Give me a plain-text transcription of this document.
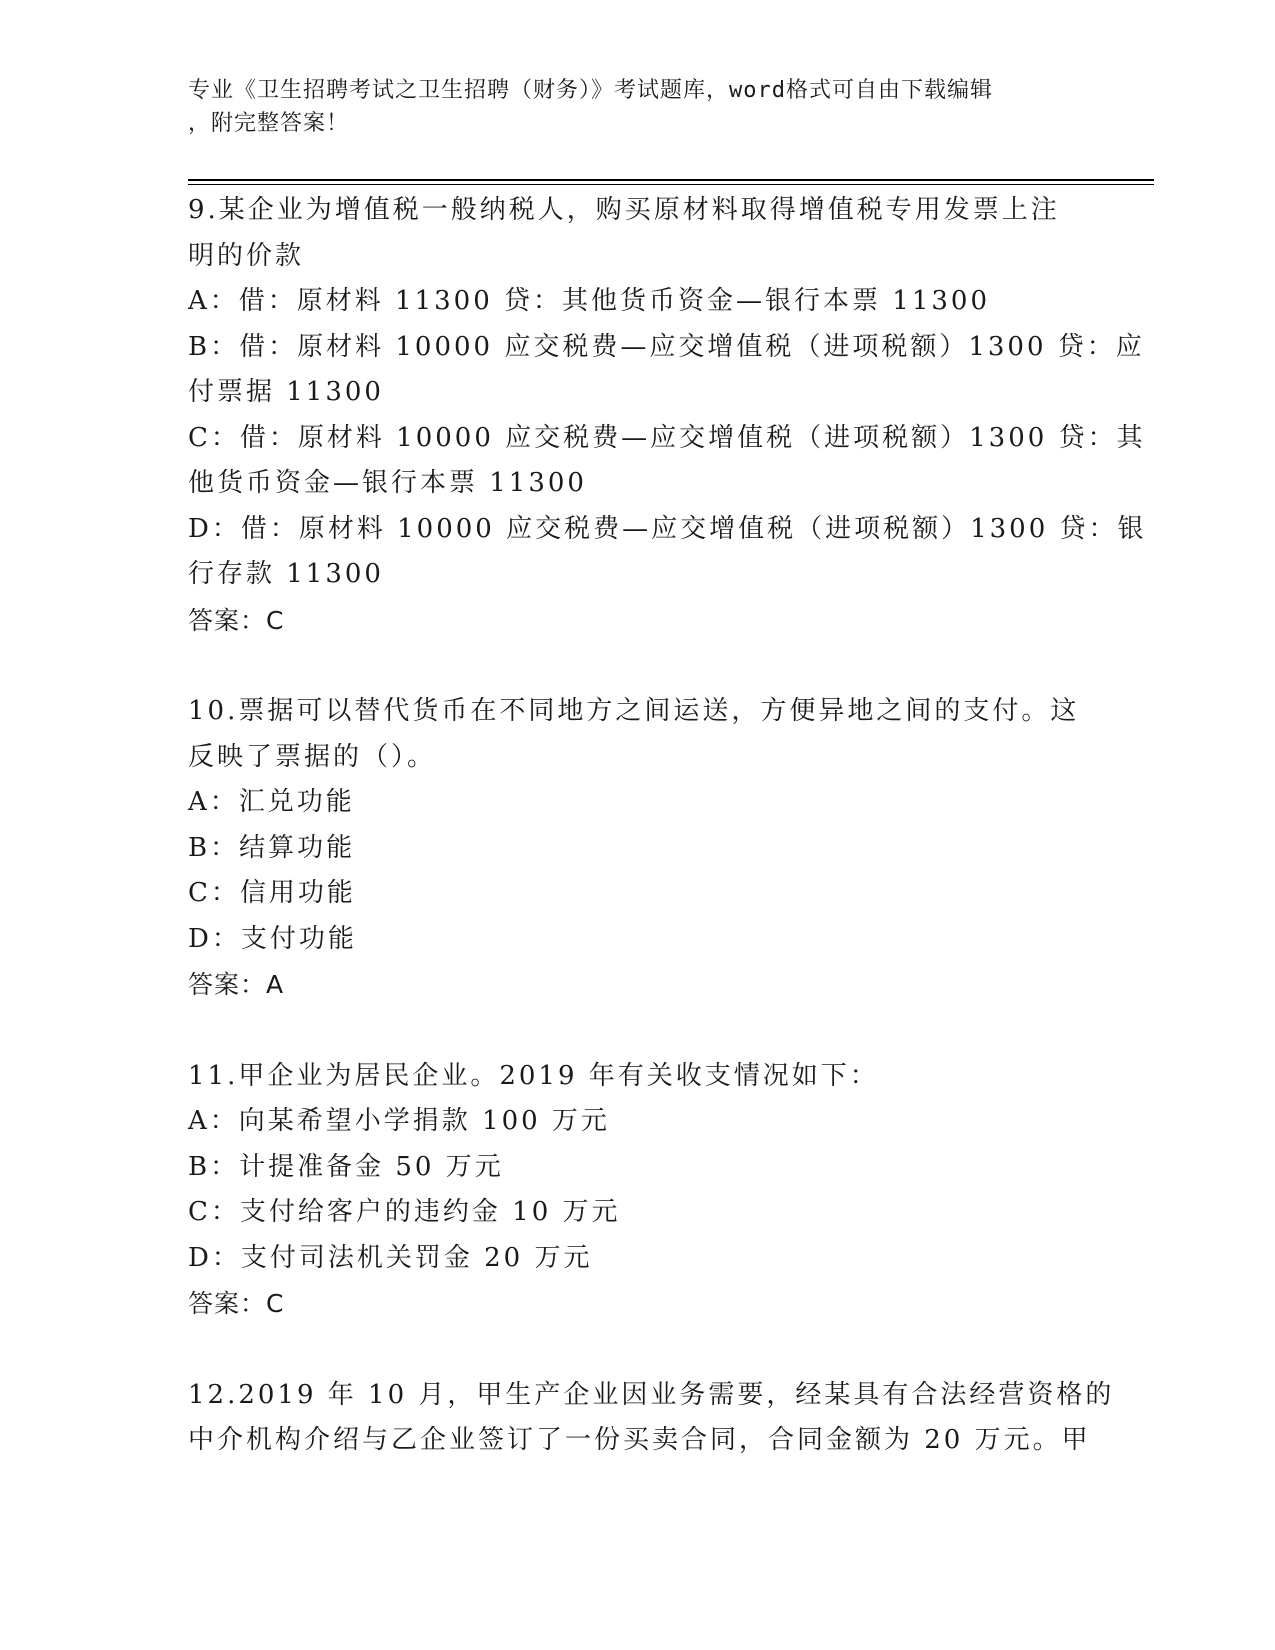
专业《卫生招聘考试之卫生招聘（财务）》考试题库，word格式可自由下载编辑
，附完整答案！
9.某企业为增值税一般纳税人，购买原材料取得增值税专用发票上注
明的价款
A：借：原材料 11300 贷：其他货币资金—银行本票 11300
B：借：原材料 10000 应交税费—应交增值税（进项税额）1300 贷：应
付票据 11300
C：借：原材料 10000 应交税费—应交增值税（进项税额）1300 贷：其
他货币资金—银行本票 11300
D：借：原材料 10000 应交税费—应交增值税（进项税额）1300 贷：银
行存款 11300
答案：C
10.票据可以替代货币在不同地方之间运送，方便异地之间的支付。这
反映了票据的（）。
A：汇兑功能
B：结算功能
C：信用功能
D：支付功能
答案：A
11.甲企业为居民企业。2019 年有关收支情况如下：
A：向某希望小学捐款 100 万元
B：计提准备金 50 万元
C：支付给客户的违约金 10 万元
D：支付司法机关罚金 20 万元
答案：C
12.2019 年 10 月，甲生产企业因业务需要，经某具有合法经营资格的
中介机构介绍与乙企业签订了一份买卖合同，合同金额为 20 万元。甲
